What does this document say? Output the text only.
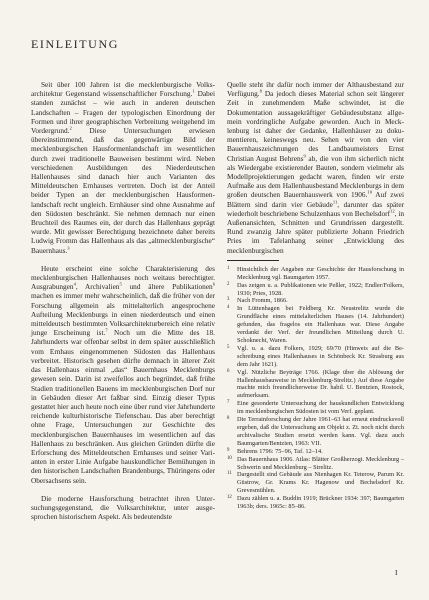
EINLEITUNG

Seit über 100 Jahren ist die mecklenburgische Volksarchitektur Gegenstand wissenschaftlicher Forschung.$^1$ Dabei standen zunächst – wie auch in anderen deutschen Landschaften – Fragen der typologischen Einordnung der Formen und ihrer geographischen Verbreitung weitgehend im Vordergrund.$^2$ Diese Untersuchungen erwiesen übereinstimmend, daß das gegenwärtige Bild der mecklenburgischen Hausformenlandschaft im wesentlichen durch zwei traditionelle Bauweisen bestimmt wird. Neben verschiedenen Ausbildungen des Niederdeutschen Hallenhauses sind danach hier auch Varianten des Mitteldeutschen Ernhauses vertreten. Doch ist der Anteil beider Typen an der mecklenburgischen Hausformenlandschaft recht ungleich. Ernhäuser sind ohne Ausnahme auf den Südosten beschränkt. Sie nehmen demnach nur einen Bruchteil des Raumes ein, der durch das Hallenhaus geprägt wurde. Mit gewisser Berechtigung bezeichnete daher bereits Ludwig Fromm das Hallenhaus als das „altmecklenburgische“ Bauernhaus.$^3$

Heute erscheint eine solche Charakterisierung des mecklenburgischen Hallenhauses noch weitaus berechtigter. Ausgrabungen$^4$, Archivalien$^5$ und ältere Publikationen$^6$ machen es immer mehr wahrscheinlich, daß die früher von der Forschung allgemein als mittelalterlich angesprochene Aufteilung Mecklenburgs in einen niederdeutsch und einen mitteldeutsch bestimmten Volksarchitekturbereich eine relativ junge Erscheinung ist.$^7$ Noch um die Mitte des 18. Jahrhunderts war offenbar selbst in dem später ausschließlich vom Ernhaus eingenommenen Südosten das Hallenhaus verbreitet. Historisch gesehen dürfte demnach in älterer Zeit das Hallenhaus einmal „das“ Bauernhaus Mecklenburgs gewesen sein. Darin ist zweifellos auch begründet, daß frühe Stadien traditionellen Bauens im mecklenburgischen Dorf nur in Gebäuden dieser Art faßbar sind. Einzig dieser Typus gestattet hier auch heute noch eine über rund vier Jahrhunderte reichende kulturhistorische Tiefenschau. Das aber berechtigt ohne Frage, Untersuchungen zur Geschichte des mecklenburgischen Bauernhauses im wesentlichen auf das Hallenhaus zu beschränken. Aus gleichen Gründen dürfte die Erforschung des Mitteldeutschen Ernhauses und seiner Varianten in erster Linie Aufgabe hauskundlicher Bemühungen in den historischen Landschaften Brandenburgs, Thüringens oder Obersachsens sein.

Die moderne Hausforschung betrachtet ihren Untersuchungsgegenstand, die Volksarchitektur, unter ausgesprochen historischem Aspekt. Als bedeutendste

Quelle steht ihr dafür noch immer der Althausbestand zur Verfügung.$^8$ Da jedoch dieses Material schon seit längerer Zeit in zunehmendem Maße schwindet, ist die Dokumentation aussagekräftiger Gebäudesubstanz allgemein vordringliche Aufgabe geworden. Auch in Mecklenburg ist daher der Gedanke, Hallenhäuser zu dokumentieren, keineswegs neu. Sehen wir von den vier Bauernhauszeichnungen des Landbaumeisters Ernst Christian August Behrens$^9$ ab, die von ihm sicherlich nicht als Wiedergabe existierender Bauten, sondern vielmehr als Modellprojektierungen gedacht waren, finden wir erste Aufmaße aus dem Hallenhausbestand Mecklenburgs in dem großen deutschen Bauernhauswerk von 1906.10 Auf zwei Blättern sind darin vier Gebäude$^{11}$, darunter das später wiederholt beschriebene Schulzenhaus von Bechelsdorf$^{12}$, in Außenansichten, Schnitten und Grundrissen dargestellt. Rund zwanzig Jahre später publizierte Johann Friedrich Pries im Tafelanhang seiner „Entwicklung des mecklenburgischen

1 Hinsichtlich der Angaben zur Geschichte der Hausforschung in Mecklenburg vgl. Baumgarten 1957.
2 Das zeigen u. a. Publikationen wie Peßler, 1922; Endler/Folkers, 1930; Pries, 1928.
3 Nach Fromm, 1866.
4 In Lüttenhagen bei Feldberg Kr. Neustrelitz wurde die Grundfläche eines mittelalterlichen Hauses (14. Jahrhundert) gefunden, das fragelos ein Hallenhaus war. Diese Angabe verdankt der Verf. der freundlichen Mitteilung durch U. Schoknecht, Waren.
5 Vgl. u. a. dazu Folkers, 1929; 69/70 (Hinweis auf die Beschreibung eines Hallenhauses in Schönbeck Kr. Strasburg aus dem Jahr 1621).
6 Vgl. Nützliche Beyträge 1766. (Klage über die Ablösung der Hallenhausbauweise in Mecklenburg-Strelitz.) Auf diese Angabe machte mich freundlicherweise Dr. habil. U. Bentzien, Rostock, aufmerksam.
7 Eine gesonderte Untersuchung der hauskundlichen Entwicklung im mecklenburgischen Südosten ist vom Verf. geplant.
8 Die Terrainforschung der Jahre 1961–63 hat erneut eindrucksvoll ergeben, daß die Untersuchung am Objekt z. Zt. noch nicht durch archivalische Studien ersetzt werden kann. Vgl. dazu auch Baumgarten/Bentzien, 1963: VII.
9 Behrens 1796: 75–96, Taf. 12–14.
10 Das Bauernhaus 1906. Atlas: Blätter Großherzogt. Mecklenburg – Schwerin und Mecklenburg – Strelitz.
11 Dargestellt sind Gebäude aus Nienhagen Kr. Teterow, Parum Kr. Güstrow, Gr. Krams Kr. Hagenow und Bechelsdorf Kr. Grevesmühlen.
12 Dazu zählen u. a. Buddin 1919; Brückner 1934: 397; Baumgarten 1963b; ders. 1965c: 85–86.
I
